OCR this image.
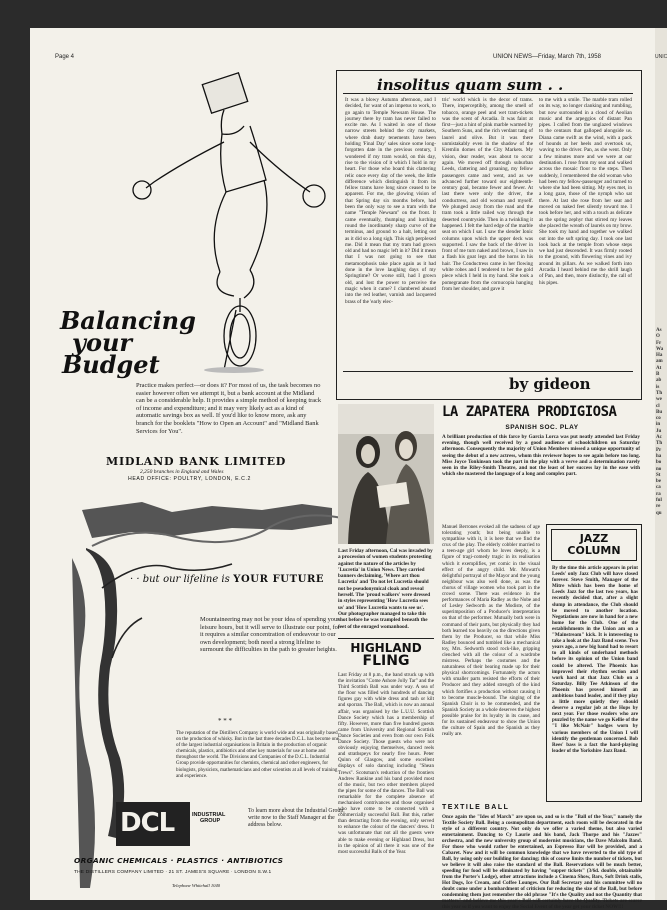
Page 4	UNION NEWS—Friday, March 7th, 1958
Balancing
your
Budget
Practice makes perfect—or does it? For most of us, the task becomes no easier however often we attempt it, but a bank account at the Midland can be a considerable help. It provides a simple method of keeping track of income and expenditure; and it may very likely act as a kind of automatic savings box as well. If you'd like to know more, ask any branch for the booklets "How to Open an Account" and "Midland Bank Services for You".
MIDLAND BANK LIMITED
2,250 branches in England and Wales
HEAD OFFICE: POULTRY, LONDON, E.C.2
· · but our lifeline is YOUR FUTURE
Mountaineering may not be your idea of spending your leisure hours, but it will serve to illustrate our point, for it requires a similar concentration of endeavour to our own development; both need a strong lifeline to surmount the difficulties in the path to greater heights.
* * *
The reputation of the Distillers Company is world wide and was originally based on the production of whisky. But in the last three decades D.C.L. has become one of the largest industrial organisations in Britain in the production of organic chemicals, plastics, antibiotics and other key materials for use at home and throughout the world. The Divisions and Companies of the D.C.L. Industrial Group provide opportunities for chemists, chemical and other engineers, for biologists, physicists, mathematicians and other scientists at all levels of training and experience.
DCL	INDUSTRIAL
GROUP
To learn more about the Industrial Group, write now to the Staff Manager at the address below.
ORGANIC CHEMICALS · PLASTICS · ANTIBIOTICS
THE DISTILLERS COMPANY LIMITED · 21 ST. JAMES'S SQUARE · LONDON S.W.1
Telephone Whitehall 1040
insolitus quam sum . .
It was a blowy Autumn afternoon, and I decided, for want of an impetus to work, to go again to Temple Newsam House. The journey there by tram has never failed to excite me. As I waited in one of those narrow streets behind the city markets, where drab dusty tenements have been holding 'Final Day' sales since some long-forgotten date in the previous century, I wondered if my tram would, on this day, rise to the vision of it which I hold in my heart. For those who board this clattering relic once every day of the week, the little difference which distinguish it from its fellow trams have long since ceased to be apparent. For me, the glowing vision of that Spring day six months before, had been the only way to see a tram with the name "Temple Newsam" on the front. It came eventually, thumping and lurching round the inordinately sharp curve of the terminus, and ground to a halt, letting out as it did so a long sigh. This sigh perplexed me. Did it mean that my tram had grown old and had no magic left in it? Did it mean that I was not going to see that metamorphosis take place again as it had done in the love laughing days of my Springtime? Or worse still, had I grown old, and lost the power to perceive the magic when it came? I clambered aboard into the red leather, varnish and lacquered brass of the 'early elec-
tric' world which is the decor of trams. There, imperceptibly, among the smell of tobacco, orange peel and wet tram-tickets was the scent of Arcadia. It was faint at first—just a hint of pink marble warmed by Southern Suns, and the rich verdant tang of laurel and olive. But it was there unmistakably even in the shadow of the Kremlin domes of the City Markets. My vision, dear reader, was about to occur again. We moved off through suburban Leeds, clattering and groaning, my fellow passengers came and went, and as we advanced further toward our eighteenth-century goal, became fewer and fewer. At last there were only the driver, the conductress, and old woman and myself. We plunged away from the road and the tram took a little railed way through the deserted countryside. Then in a twinkling it happened. I felt the hard edge of the marble seat on which I sat. I saw the slender Ionic columns upon which the upper deck was supported. I saw the back of the driver in front of me turn naked and brown, I saw in a flash his goat legs and the horns in his hair. The Conductress came in her flowing white robes and I tendered to her the gold piece which I held in my hand. She took a pomegranate from the cornucopia hanging from her shoulder, and gave it
to me with a smile. The marble tram rolled on its way, no longer clanking and rumbling, but now surrounded in a cloud of Aeolian music and the arpeggios of distant Pan pipes. I called from the unglazed windows to the centaurs that galloped alongside us. Diana came swift as the wind, with a pack of hounds at her heels and overtook us, waving to the driver. Pan, as she went. Only a few minutes more and we were at our destination. I rose from my seat and walked across the mosaic floor to the steps. Then suddenly, I remembered the old woman who had been my fellow-passenger and turned to where she had been sitting. My eyes met, in a long gaze, those of the nymph who sat there. At last she rose from her seat and moved on naked feet silently toward me. I took before her, and with a touch as delicate as the spring zephyr that stirred my leaves she placed the wreath of laurels on my brow. She took my hand and together we walked out into the soft spring day. I took one last look back at the temple from whose steps we had just descended. It was firmly rooted to the ground, with flowering vines and ivy around its pillars. As we walked forth into Arcadia I heard behind me the shrill laugh of Pan, and then, more distinctly, the call of his pipes.
by gideon
Last Friday afternoon, Cal was invaded by a procession of women students protesting against the nature of the articles by 'Lucretia' in Union News. They carried banners declaiming, 'Where art thou Lucretia' and 'Do not let Lucretia should not be pseudonymical cloak and reveal herself. The 'proud walkers' were dressed in styles representing 'How Lucretia sees us' and 'How Lucretia wants to see us'. Our photographer managed to take this shot before he was trampled beneath the feet of the enraged womanhood.
HIGHLAND
FLING
Last Friday at 8 p.m., the band struck up with the invitation "Come Ashore Jolly Tar" and the Third Scottish Ball was under way. A sea of the floor was filled with hundreds of dancing figures gay with white dress and tash or kilt and sporran. The Ball, which is now an annual affair, was organised by the L.U.U. Scottish Dance Society which has a membership of fifty. However, more than five hundred guests came from University and Regional Scottish Dance Societies and even from our own Folk Dance Society. Those guests who were not obviously enjoying themselves, danced reels and strathspeys for nearly five hours. Peter Quinn of Glasgow, and some excellent displays of solo dancing including "Shean Trews". Scotsman's reduction of the frontiers Andrew Rankine and his band provided most of the music, but two other members played the pipes for some of the dances. The Ball was remarkable for the complete absence of mechanised contrivances and those organised who have come to be connected with a commercially successful Ball. But this, rather than detracting from the evening, only served to enhance the colour of the dancers' dress. It was unfortunate that not all the guests were able to make evening or Highland Dress, but in the opinion of all there it was one of the most successful Balls of the Year.
LA ZAPATERA PRODIGIOSA
SPANISH SOC. PLAY
A brilliant production of this farce by Garcia Lorca was put neatly attended last Friday evening, though well received by a good audience of schoolchildren on Saturday afternoon. Consequently the majority of Union Members missed a unique opportunity of seeing the debut of a new actress, whom this reviewer hopes to see again before too long. Miss Joyce Tonkinson took the part in the play with a verve and a determination rarely seen in the Riley-Smith Theatre, and not the least of her success lay in the ease with which she mastered the language of a long and complex part.
Manuel Berrones evoked all the sadness of age tolerating youth; but being unable to sympathise with it, it is here that we find the crux of the play. The elderly cobbler married to a teen-age girl whom he loves deeply, is a figure of tragi-comedy tragic in its realisation which it exemplifies, yet comic in the visual effect of the angry child. Mr. Mowatt's delightful portrayal of the Mayor and the young neighbour was also well done, as was the chorus of village women who took part in the crowd scene. There was evidence in the performances of Maria Radley as the Nobe and of Lesley Sedworth as the Modiste, of the superimposition of a Producer's interpretation on that of the performer. Mutually both were in command of their parts, but physically they had both learned too heavily on the directions given them by the Producer, so that while Miss Radley bounced and tumbled like a mechanical toy, Mrs. Sedworth stood rock-like, gripping clenched with all the colour of a wardrobe mistress. Perhaps the costumes and the naturalness of their bearing made up for their physical shortcomings. Fortunately the actors with smaller parts resisted the efforts of their Producer and they added strength of the kind which fortifies a production without causing it to become muscle-bound. The singing of the Spanish Choir is to be commended, and the Spanish Society as a whole deserves the highest possible praise for its loyalty in its cause, and for its sustained endeavour to show the Union the culture of Spain and the Spanish as they really are.
JAZZ
COLUMN
By the time this article appears in print Leeds' only Jazz Club will have closed forever. Steve Smith, Manager of the Mitre which has been the home of Leeds Jazz for the last two years, has recently decided that, after a slight slump in attendance, the Club should be moved to another location. Negotiations are now in hand for a new home for the Club. One of the establishments in the Union am on a "Mainstream" kick. It is interesting to take a look at the Jazz Band scene. Two years ago, a new big band had to resort to all kinds of underhand methods before its opinion of the Union band could be altered. The Phoenix has improved their rhythm section and work hard at that Jazz Club on a Saturday. Billy Tee Atkinson of the Phoenix has proved himself an ambitious band leader, and if they play a little more quietly they should deserve a regular job at the Hops by next year. For those readers who are puzzled by the name we go Kellie of the "I like McNair" badges worn by various members of the Union I will identify the gentleman concerned. Bob Rees' bass is a fact the hard-playing leader of the Yorkshire Jazz Band.
TEXTILE BALL
Once again the "Ides of March" are upon us, and so is the "Ball of the Year," namely the Textile Society Ball. Being a cosmopolitan department, each room will be decorated in the style of a different country. Not only do we offer a varied theme, but also varied entertainment. Dancing to Cy Laurie and his band, Jack Thorpe and his "Jazzes" orchestra, and the new university group of modernist musicians, the Dave Malcolm Band. For those who would rather be entertained, an Espresso Bar will be provided, and a Cabaret. Now and it will be common knowledge that we have reverted to the old type of Ball, by using only our building for dancing; this of course limits the number of tickets, but we believe it will also raise the standard of the Ball. Reservations will be much better, speeding for food will be eliminated by having "supper tickets" (3/6d. double, obtainable from the Porter's Lodge), other attractions include a Cinema Show, Bars, Soft Drink stalls, Hot Dogs, Ice Cream, and Coffee Lounges. Our Ball Secretary and his committee will no doubt come under a bombardment of criticism for reducing the size of the Ball, but before condemning them just remember the old phrase "It's the Quality and not the Quantity that matters" and believe me this year's Ball will certainly have the Quality. Tickets are scarce this year so if you want to enjoy the Social Event of the year get your ticket NOW!!!
UNIC
As
O
Fr
Wa
Ha
am
At
B
ab
is
Th
we
cl
Bu
co
in
Ju
Ac
Th
Pr
ha
bo
no
St
be
ca
ra
ful
re
qu
